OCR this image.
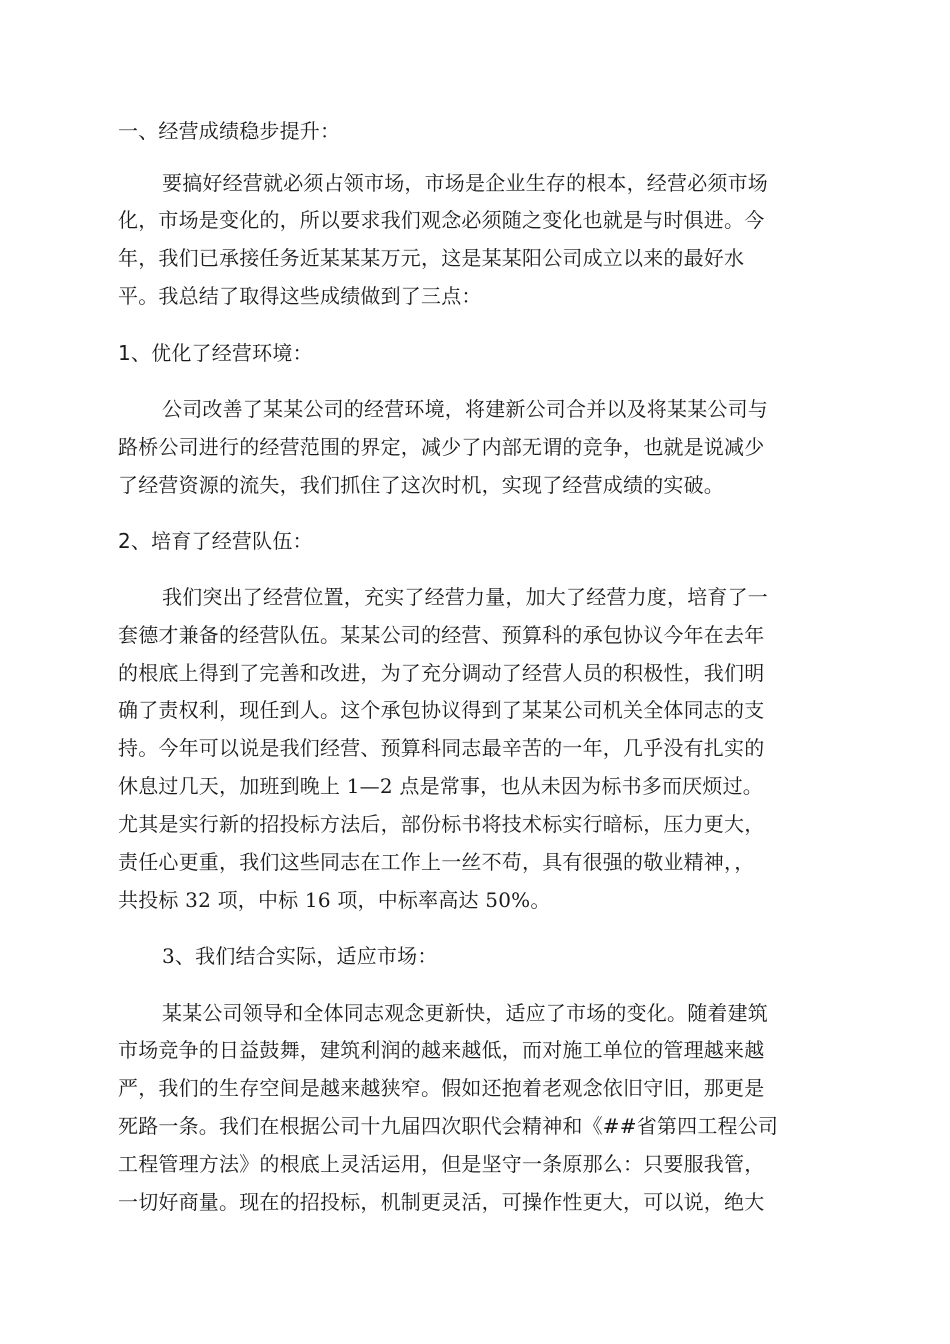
一、经营成绩稳步提升：
要搞好经营就必须占领市场，市场是企业生存的根本，经营必须市场
化，市场是变化的，所以要求我们观念必须随之变化也就是与时俱进。今
年，我们已承接任务近某某某万元，这是某某阳公司成立以来的最好水
平。我总结了取得这些成绩做到了三点：
1、优化了经营环境：
公司改善了某某公司的经营环境，将建新公司合并以及将某某公司与
路桥公司进行的经营范围的界定，减少了内部无谓的竞争，也就是说减少
了经营资源的流失，我们抓住了这次时机，实现了经营成绩的实破。
2、培育了经营队伍：
我们突出了经营位置，充实了经营力量，加大了经营力度，培育了一
套德才兼备的经营队伍。某某公司的经营、预算科的承包协议今年在去年
的根底上得到了完善和改进，为了充分调动了经营人员的积极性，我们明
确了责权利，现任到人。这个承包协议得到了某某公司机关全体同志的支
持。今年可以说是我们经营、预算科同志最辛苦的一年，几乎没有扎实的
休息过几天，加班到晚上 1—2 点是常事，也从未因为标书多而厌烦过。
尤其是实行新的招投标方法后，部份标书将技术标实行暗标，压力更大，
责任心更重，我们这些同志在工作上一丝不苟，具有很强的敬业精神，，
共投标 32 项，中标 16 项，中标率高达 50%。
3、我们结合实际，适应市场：
某某公司领导和全体同志观念更新快，适应了市场的变化。随着建筑
市场竞争的日益鼓舞，建筑利润的越来越低，而对施工单位的管理越来越
严，我们的生存空间是越来越狭窄。假如还抱着老观念依旧守旧，那更是
死路一条。我们在根据公司十九届四次职代会精神和《##省第四工程公司
工程管理方法》的根底上灵活运用，但是坚守一条原那么：只要服我管，
一切好商量。现在的招投标，机制更灵活，可操作性更大，可以说，绝大
